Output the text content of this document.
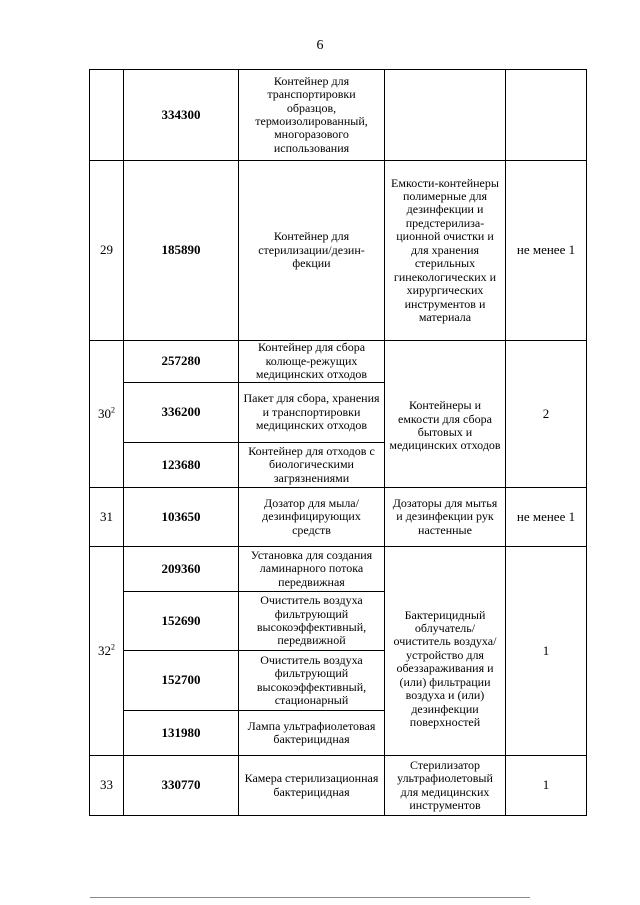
6
	334300	Контейнер для транспортировки образцов, термоизолированный, многоразового использования		
29	185890	Контейнер для стерилизации/дезин-фекции	Емкости-контейнеры полимерные для дезинфекции и предстерилиза-ционной очистки и для хранения стерильных гинекологических и хирургических инструментов и материала	не менее 1
$30^2$	257280	Контейнер для сбора колюще-режущих медицинских отходов	Контейнеры и емкости для сбора бытовых и медицинских отходов	2
	336200	Пакет для сбора, хранения и транспортировки медицинских отходов		
	123680	Контейнер для отходов с биологическими загрязнениями		
31	103650	Дозатор для мыла/ дезинфицирующих средств	Дозаторы для мытья и дезинфекции рук настенные	не менее 1
$32^2$	209360	Установка для создания ламинарного потока передвижная	Бактерицидный облучатель/ очиститель воздуха/ устройство для обеззараживания и (или) фильтрации воздуха и (или) дезинфекции поверхностей	1
	152690	Очиститель воздуха фильтрующий высокоэффективный, передвижной		
	152700	Очиститель воздуха фильтрующий высокоэффективный, стационарный		
	131980	Лампа ультрафиолетовая бактерицидная		
33	330770	Камера стерилизационная бактерицидная	Стерилизатор ультрафиолетовый для медицинских инструментов	1
